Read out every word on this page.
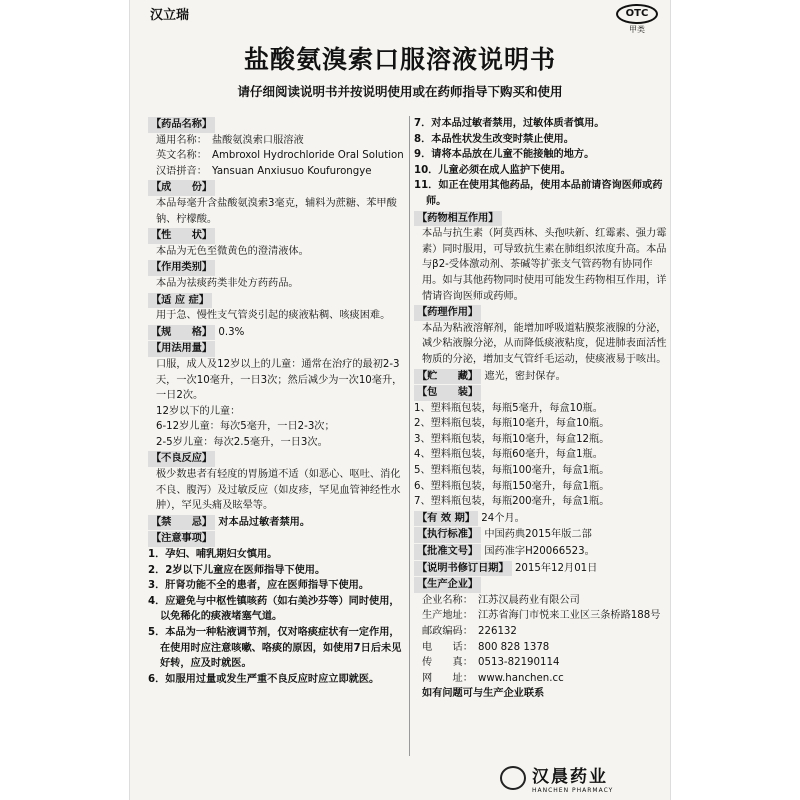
汉立瑞	OTC
甲类
盐酸氨溴索口服溶液说明书
请仔细阅读说明书并按说明使用或在药师指导下购买和使用
【药品名称】
通用名称： 盐酸氨溴索口服溶液
英文名称： Ambroxol Hydrochloride Oral Solution
汉语拼音： Yansuan Anxiusuo Koufurongye
【成　　份】
本品每毫升含盐酸氨溴索3毫克，辅料为蔗糖、苯甲酸钠、柠檬酸。
【性　　状】
本品为无色至微黄色的澄清液体。
【作用类别】
本品为祛痰药类非处方药药品。
【适 应 症】
用于急、慢性支气管炎引起的痰液粘稠、咳痰困难。
【规　　格】 0.3%
【用法用量】
口服，成人及12岁以上的儿童：通常在治疗的最初2-3天，一次10毫升，一日3次；然后减少为一次10毫升，一日2次。
12岁以下的儿童：
6-12岁儿童：每次5毫升，一日2-3次；
2-5岁儿童：每次2.5毫升，一日3次。
【不良反应】
极少数患者有轻度的胃肠道不适（如恶心、呕吐、消化不良、腹泻）及过敏反应（如皮疹，罕见血管神经性水肿），罕见头痛及眩晕等。
【禁　　忌】 对本品过敏者禁用。
【注意事项】
1．孕妇、哺乳期妇女慎用。
2．2岁以下儿童应在医师指导下使用。
3．肝肾功能不全的患者，应在医师指导下使用。
4．应避免与中枢性镇咳药（如右美沙芬等）同时使用，以免稀化的痰液堵塞气道。
5．本品为一种粘液调节剂，仅对咯痰症状有一定作用，在使用时应注意咳嗽、咯痰的原因，如使用7日后未见好转，应及时就医。
6．如服用过量或发生严重不良反应时应立即就医。
7．对本品过敏者禁用，过敏体质者慎用。
8．本品性状发生改变时禁止使用。
9．请将本品放在儿童不能接触的地方。
10．儿童必须在成人监护下使用。
11．如正在使用其他药品，使用本品前请咨询医师或药师。
【药物相互作用】
本品与抗生素（阿莫西林、头孢呋新、红霉素、强力霉素）同时服用，可导致抗生素在肺组织浓度升高。本品与β2-受体激动剂、茶碱等扩张支气管药物有协同作用。如与其他药物同时使用可能发生药物相互作用，详情请咨询医师或药师。
【药理作用】
本品为粘液溶解剂，能增加呼吸道粘膜浆液腺的分泌，减少粘液腺分泌，从而降低痰液粘度，促进肺表面活性物质的分泌，增加支气管纤毛运动，使痰液易于咳出。
【贮　　藏】 遮光，密封保存。
【包　　装】
1、塑料瓶包装，每瓶5毫升，每盒10瓶。
2、塑料瓶包装，每瓶10毫升，每盒10瓶。
3、塑料瓶包装，每瓶10毫升，每盒12瓶。
4、塑料瓶包装，每瓶60毫升，每盒1瓶。
5、塑料瓶包装，每瓶100毫升，每盒1瓶。
6、塑料瓶包装，每瓶150毫升，每盒1瓶。
7、塑料瓶包装，每瓶200毫升，每盒1瓶。
【有 效 期】 24个月。
【执行标准】 中国药典2015年版二部
【批准文号】 国药准字H20066523。
【说明书修订日期】 2015年12月01日
【生产企业】
企业名称： 江苏汉晨药业有限公司
生产地址： 江苏省海门市悦来工业区三条桥路188号
邮政编码： 226132
电　　话： 800 828 1378
传　　真： 0513-82190114
网　　址： www.hanchen.cc
如有问题可与生产企业联系
汉晨药业
HANCHEN PHARMACY
